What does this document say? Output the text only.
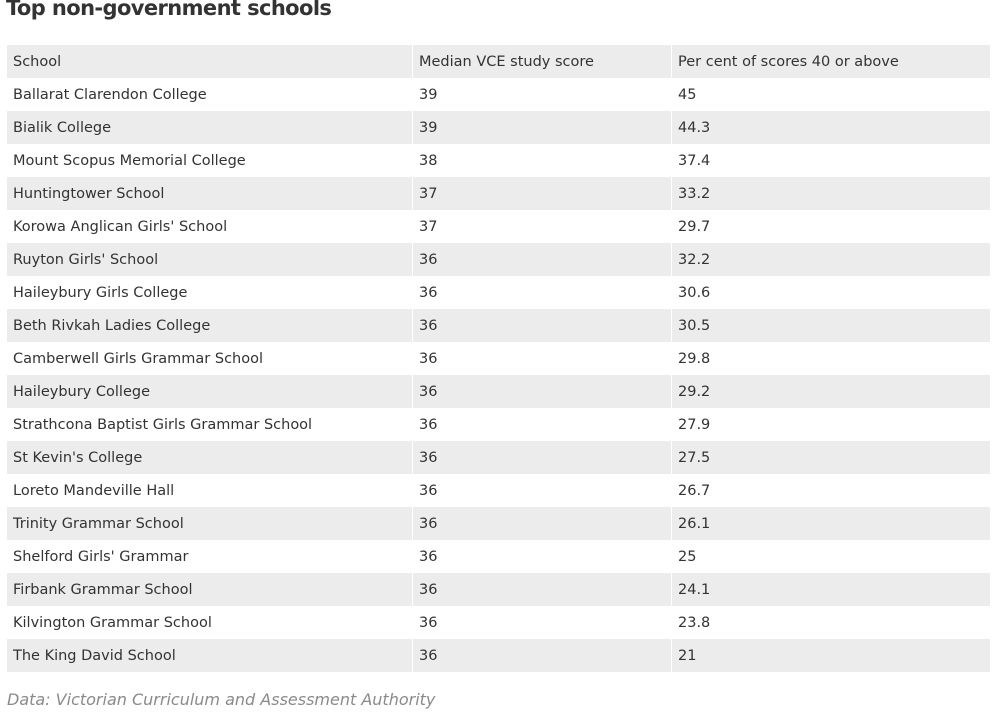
Top non-government schools
School	Median VCE study score	Per cent of scores 40 or above
Ballarat Clarendon College	39	45
Bialik College	39	44.3
Mount Scopus Memorial College	38	37.4
Huntingtower School	37	33.2
Korowa Anglican Girls' School	37	29.7
Ruyton Girls' School	36	32.2
Haileybury Girls College	36	30.6
Beth Rivkah Ladies College	36	30.5
Camberwell Girls Grammar School	36	29.8
Haileybury College	36	29.2
Strathcona Baptist Girls Grammar School	36	27.9
St Kevin's College	36	27.5
Loreto Mandeville Hall	36	26.7
Trinity Grammar School	36	26.1
Shelford Girls' Grammar	36	25
Firbank Grammar School	36	24.1
Kilvington Grammar School	36	23.8
The King David School	36	21

Data: Victorian Curriculum and Assessment Authority
